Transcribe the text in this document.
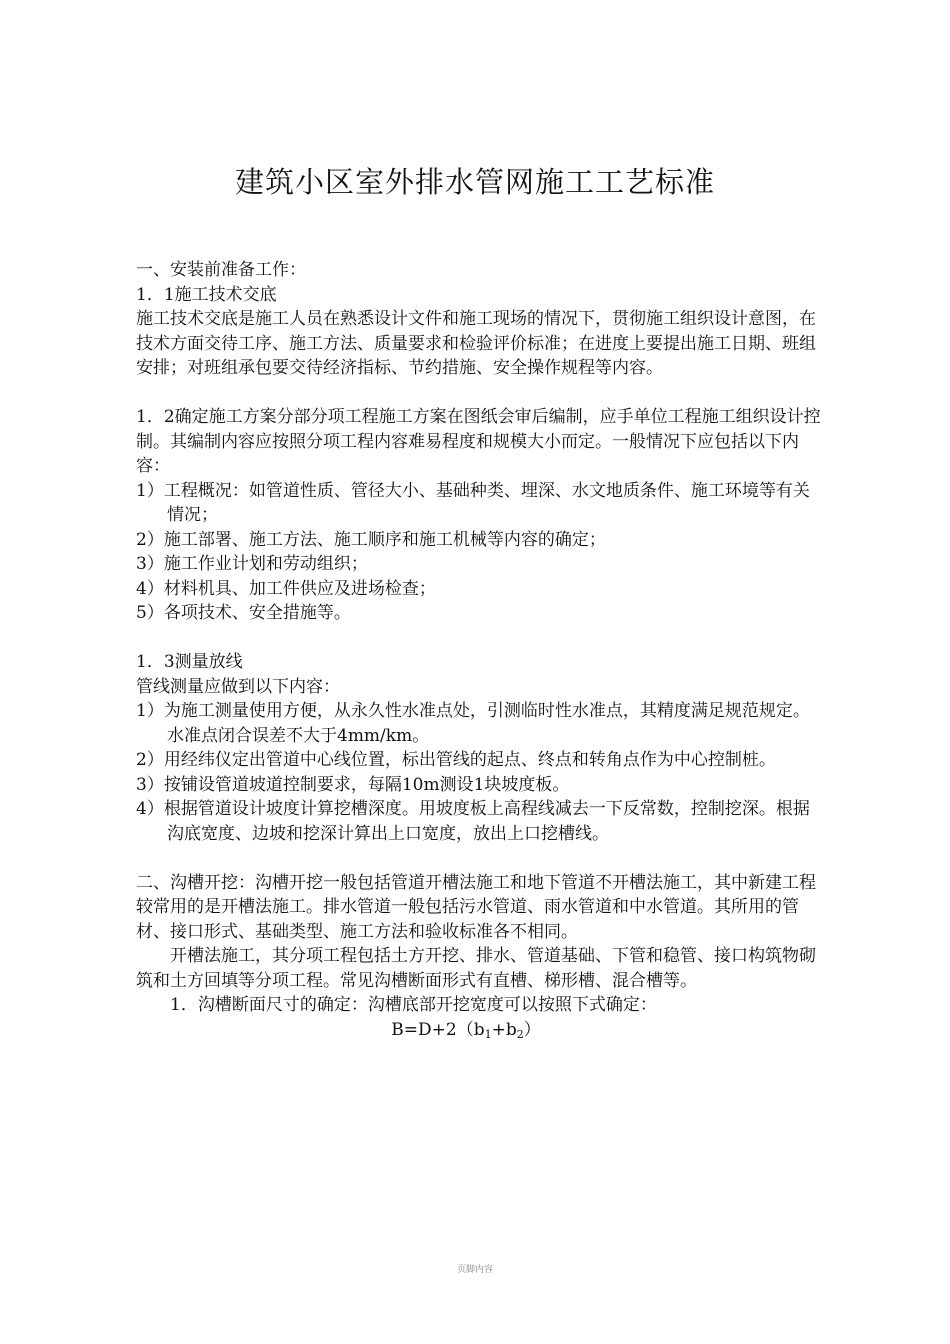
建筑小区室外排水管网施工工艺标准

一、安装前准备工作：

1．1施工技术交底

施工技术交底是施工人员在熟悉设计文件和施工现场的情况下，贯彻施工组织设计意图，在技术方面交待工序、施工方法、质量要求和检验评价标准；在进度上要提出施工日期、班组安排；对班组承包要交待经济指标、节约措施、安全操作规程等内容。

1．2确定施工方案分部分项工程施工方案在图纸会审后编制，应手单位工程施工组织设计控制。其编制内容应按照分项工程内容难易程度和规模大小而定。一般情况下应包括以下内容：

1）工程概况：如管道性质、管径大小、基础种类、埋深、水文地质条件、施工环境等有关情况；

2）施工部署、施工方法、施工顺序和施工机械等内容的确定；

3）施工作业计划和劳动组织；

4）材料机具、加工件供应及进场检查；

5）各项技术、安全措施等。

1．3测量放线

管线测量应做到以下内容：

1）为施工测量使用方便，从永久性水准点处，引测临时性水准点，其精度满足规范规定。水准点闭合误差不大于4mm/km。

2）用经纬仪定出管道中心线位置，标出管线的起点、终点和转角点作为中心控制桩。

3）按铺设管道坡道控制要求，每隔10m测设1块坡度板。

4）根据管道设计坡度计算挖槽深度。用坡度板上高程线减去一下反常数，控制挖深。根据沟底宽度、边坡和挖深计算出上口宽度，放出上口挖槽线。

二、沟槽开挖：沟槽开挖一般包括管道开槽法施工和地下管道不开槽法施工，其中新建工程较常用的是开槽法施工。排水管道一般包括污水管道、雨水管道和中水管道。其所用的管材、接口形式、基础类型、施工方法和验收标准各不相同。

开槽法施工，其分项工程包括土方开挖、排水、管道基础、下管和稳管、接口构筑物砌筑和土方回填等分项工程。常见沟槽断面形式有直槽、梯形槽、混合槽等。

1．沟槽断面尺寸的确定：沟槽底部开挖宽度可以按照下式确定：

$B=D+2(b_1+b_2)$

页脚内容
